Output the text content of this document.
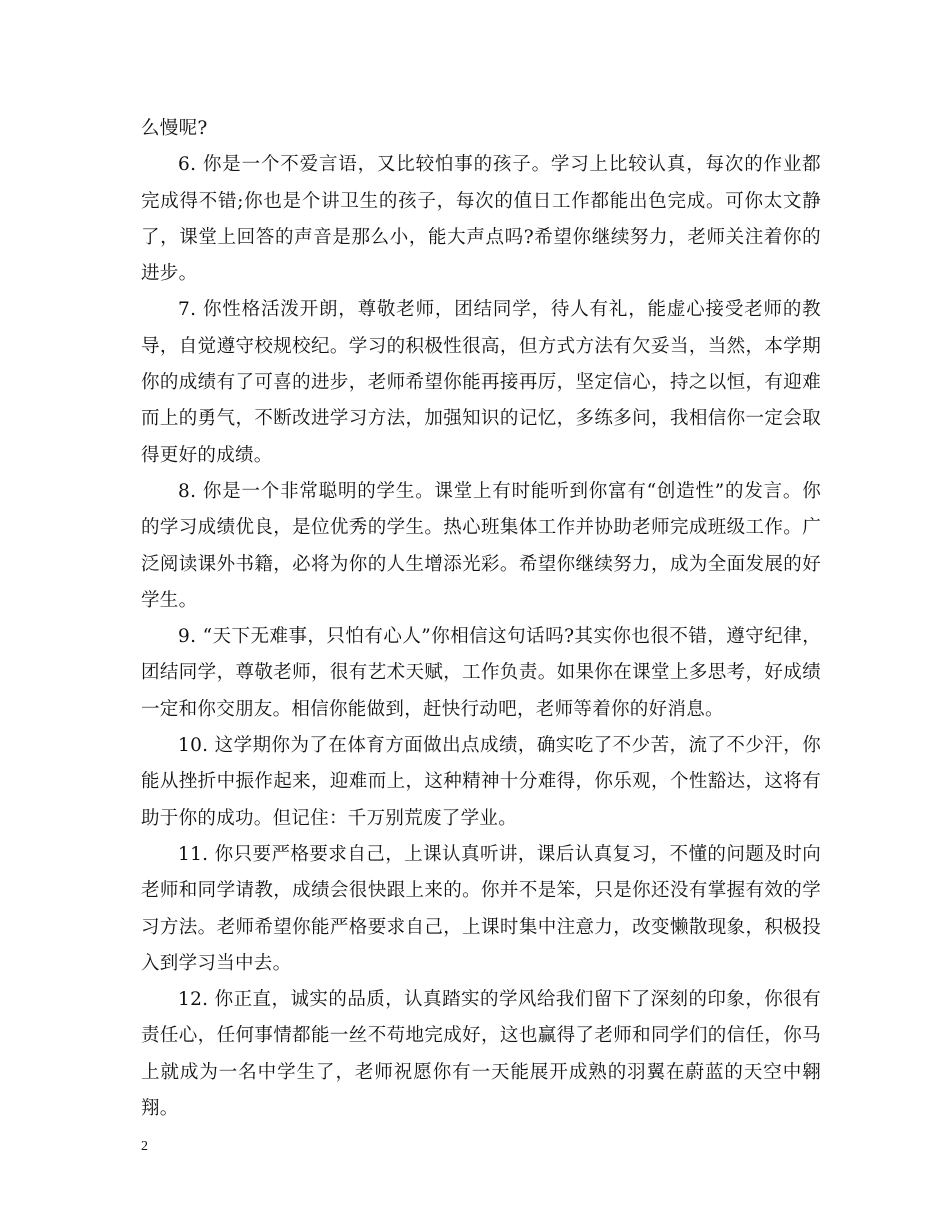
么慢呢?

6. 你是一个不爱言语，又比较怕事的孩子。学习上比较认真，每次的作业都完成得不错;你也是个讲卫生的孩子，每次的值日工作都能出色完成。可你太文静了，课堂上回答的声音是那么小，能大声点吗?希望你继续努力，老师关注着你的进步。

7. 你性格活泼开朗，尊敬老师，团结同学，待人有礼，能虚心接受老师的教导，自觉遵守校规校纪。学习的积极性很高，但方式方法有欠妥当，当然，本学期你的成绩有了可喜的进步，老师希望你能再接再厉，坚定信心，持之以恒，有迎难而上的勇气，不断改进学习方法，加强知识的记忆，多练多问，我相信你一定会取得更好的成绩。

8. 你是一个非常聪明的学生。课堂上有时能听到你富有“创造性”的发言。你的学习成绩优良，是位优秀的学生。热心班集体工作并协助老师完成班级工作。广泛阅读课外书籍，必将为你的人生增添光彩。希望你继续努力，成为全面发展的好学生。

9. “天下无难事，只怕有心人”你相信这句话吗?其实你也很不错，遵守纪律，团结同学，尊敬老师，很有艺术天赋，工作负责。如果你在课堂上多思考，好成绩一定和你交朋友。相信你能做到，赶快行动吧，老师等着你的好消息。

10. 这学期你为了在体育方面做出点成绩，确实吃了不少苦，流了不少汗，你能从挫折中振作起来，迎难而上，这种精神十分难得，你乐观，个性豁达，这将有助于你的成功。但记住：千万别荒废了学业。

11. 你只要严格要求自己，上课认真听讲，课后认真复习，不懂的问题及时向老师和同学请教，成绩会很快跟上来的。你并不是笨，只是你还没有掌握有效的学习方法。老师希望你能严格要求自己，上课时集中注意力，改变懒散现象，积极投入到学习当中去。

12. 你正直，诚实的品质，认真踏实的学风给我们留下了深刻的印象，你很有责任心，任何事情都能一丝不苟地完成好，这也赢得了老师和同学们的信任，你马上就成为一名中学生了，老师祝愿你有一天能展开成熟的羽翼在蔚蓝的天空中翱翔。

2
